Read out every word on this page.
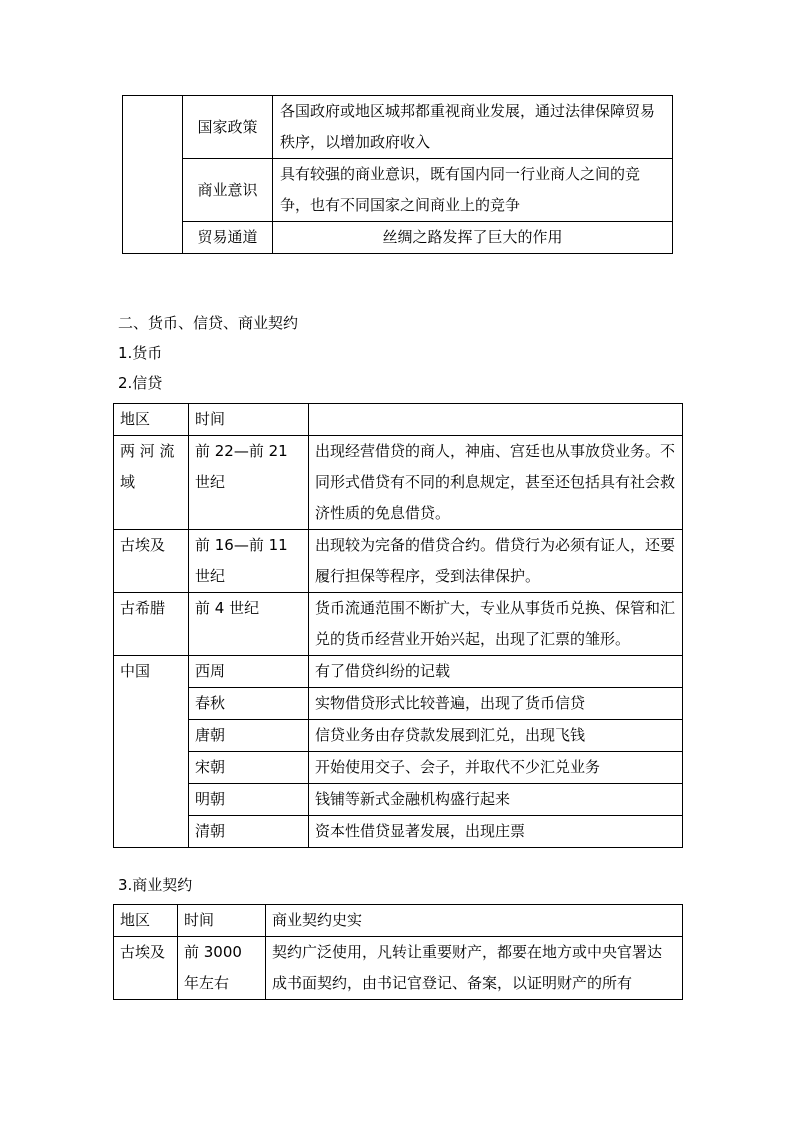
	国家政策	各国政府或地区城邦都重视商业发展，通过法律保障贸易秩序，以增加政府收入
	商业意识	具有较强的商业意识，既有国内同一行业商人之间的竞争，也有不同国家之间商业上的竞争
	贸易通道	丝绸之路发挥了巨大的作用

二、货币、信贷、商业契约

1.货币

2.信贷

地区	时间	
两 河 流 域	前 22—前 21 世纪	出现经营借贷的商人，神庙、宫廷也从事放贷业务。不同形式借贷有不同的利息规定，甚至还包括具有社会救济性质的免息借贷。
古埃及	前 16—前 11 世纪	出现较为完备的借贷合约。借贷行为必须有证人，还要履行担保等程序，受到法律保护。
古希腊	前 4 世纪	货币流通范围不断扩大，专业从事货币兑换、保管和汇兑的货币经营业开始兴起，出现了汇票的雏形。
中国	西周	有了借贷纠纷的记载
	春秋	实物借贷形式比较普遍，出现了货币信贷
	唐朝	信贷业务由存贷款发展到汇兑，出现飞钱
	宋朝	开始使用交子、会子，并取代不少汇兑业务
	明朝	钱铺等新式金融机构盛行起来
	清朝	资本性借贷显著发展，出现庄票

3.商业契约

地区	时间	商业契约史实
古埃及	前 3000 年左右	契约广泛使用，凡转让重要财产，都要在地方或中央官署达成书面契约，由书记官登记、备案，以证明财产的所有
